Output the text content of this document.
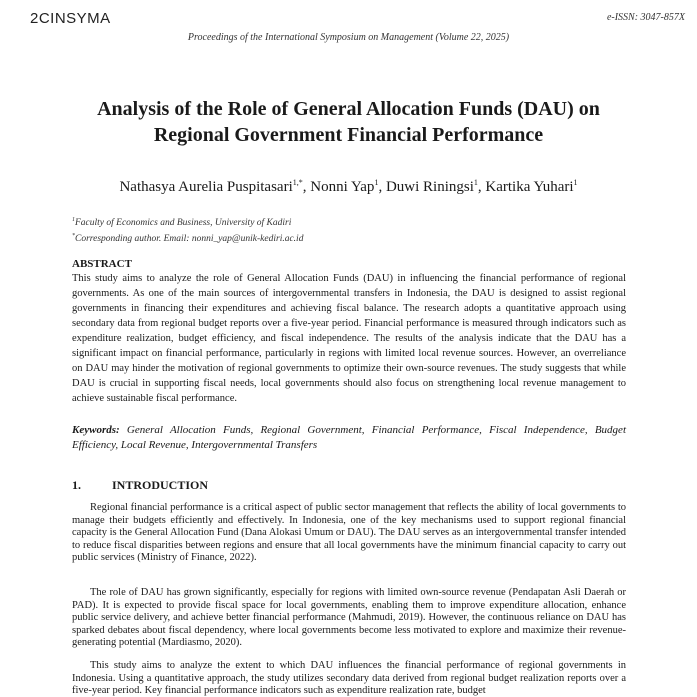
2CINSYMA	e-ISSN: 3047-857X
Proceedings of the International Symposium on Management (Volume 22, 2025)
Analysis of the Role of General Allocation Funds (DAU) on Regional Government Financial Performance
Nathasya Aurelia Puspitasari$^{1,*}$, Nonni Yap$^1$, Duwi Riningsi$^1$, Kartika Yuhari$^1$
$^1$Faculty of Economics and Business, University of Kadiri
*Corresponding author. Email: nonni_yap@unik-kediri.ac.id
ABSTRACT

This study aims to analyze the role of General Allocation Funds (DAU) in influencing the financial performance of regional governments. As one of the main sources of intergovernmental transfers in Indonesia, the DAU is designed to assist regional governments in financing their expenditures and achieving fiscal balance. The research adopts a quantitative approach using secondary data from regional budget reports over a five-year period. Financial performance is measured through indicators such as expenditure realization, budget efficiency, and fiscal independence. The results of the analysis indicate that the DAU has a significant impact on financial performance, particularly in regions with limited local revenue sources. However, an overreliance on DAU may hinder the motivation of regional governments to optimize their own-source revenues. The study suggests that while DAU is crucial in supporting fiscal needs, local governments should also focus on strengthening local revenue management to achieve sustainable fiscal performance.

Keywords: General Allocation Funds, Regional Government, Financial Performance, Fiscal Independence, Budget Efficiency, Local Revenue, Intergovernmental Transfers

1.	INTRODUCTION

Regional financial performance is a critical aspect of public sector management that reflects the ability of local governments to manage their budgets efficiently and effectively. In Indonesia, one of the key mechanisms used to support regional financial capacity is the General Allocation Fund (Dana Alokasi Umum or DAU). The DAU serves as an intergovernmental transfer intended to reduce fiscal disparities between regions and ensure that all local governments have the minimum financial capacity to carry out public services (Ministry of Finance, 2022).

The role of DAU has grown significantly, especially for regions with limited own-source revenue (Pendapatan Asli Daerah or PAD). It is expected to provide fiscal space for local governments, enabling them to improve expenditure allocation, enhance public service delivery, and achieve better financial performance (Mahmudi, 2019). However, the continuous reliance on DAU has sparked debates about fiscal dependency, where local governments become less motivated to explore and maximize their revenue-generating potential (Mardiasmo, 2020).

This study aims to analyze the extent to which DAU influences the financial performance of regional governments in Indonesia. Using a quantitative approach, the study utilizes secondary data derived from regional budget realization reports over a five-year period. Key financial performance indicators such as expenditure realization rate, budget
